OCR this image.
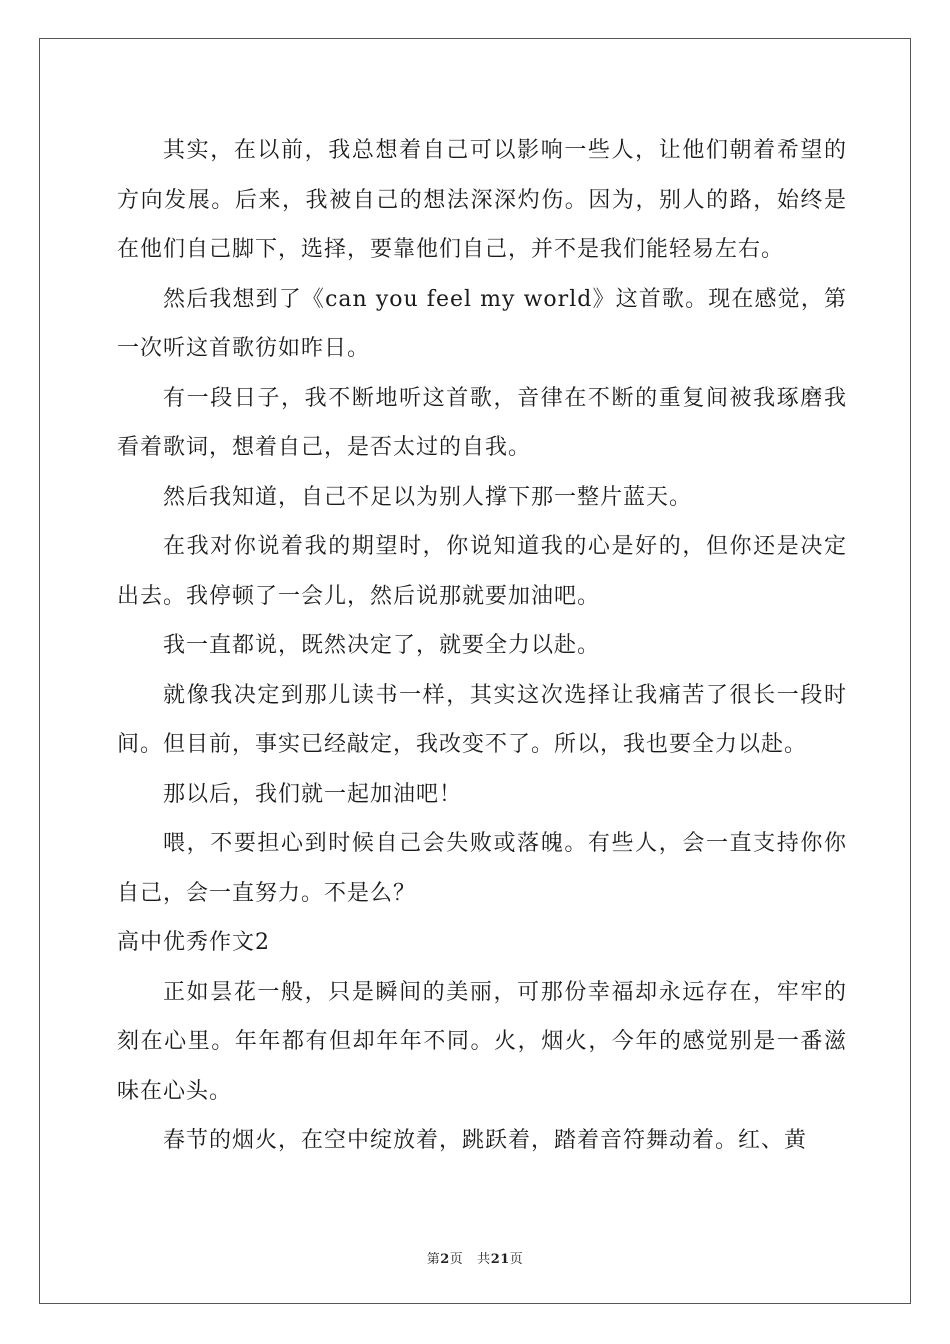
其实，在以前，我总想着自己可以影响一些人，让他们朝着希望的方向发展。后来，我被自己的想法深深灼伤。因为，别人的路，始终是在他们自己脚下，选择，要靠他们自己，并不是我们能轻易左右。

然后我想到了《can you feel my world》这首歌。现在感觉，第一次听这首歌彷如昨日。

有一段日子，我不断地听这首歌，音律在不断的重复间被我琢磨我看着歌词，想着自己，是否太过的自我。

然后我知道，自己不足以为别人撑下那一整片蓝天。

在我对你说着我的期望时，你说知道我的心是好的，但你还是决定出去。我停顿了一会儿，然后说那就要加油吧。

我一直都说，既然决定了，就要全力以赴。

就像我决定到那儿读书一样，其实这次选择让我痛苦了很长一段时间。但目前，事实已经敲定，我改变不了。所以，我也要全力以赴。

那以后，我们就一起加油吧！

喂，不要担心到时候自己会失败或落魄。有些人，会一直支持你你自己，会一直努力。不是么？

高中优秀作文2

正如昙花一般，只是瞬间的美丽，可那份幸福却永远存在，牢牢的刻在心里。年年都有但却年年不同。火，烟火，今年的感觉别是一番滋味在心头。

春节的烟火，在空中绽放着，跳跃着，踏着音符舞动着。红、黄

第2页 共21页
